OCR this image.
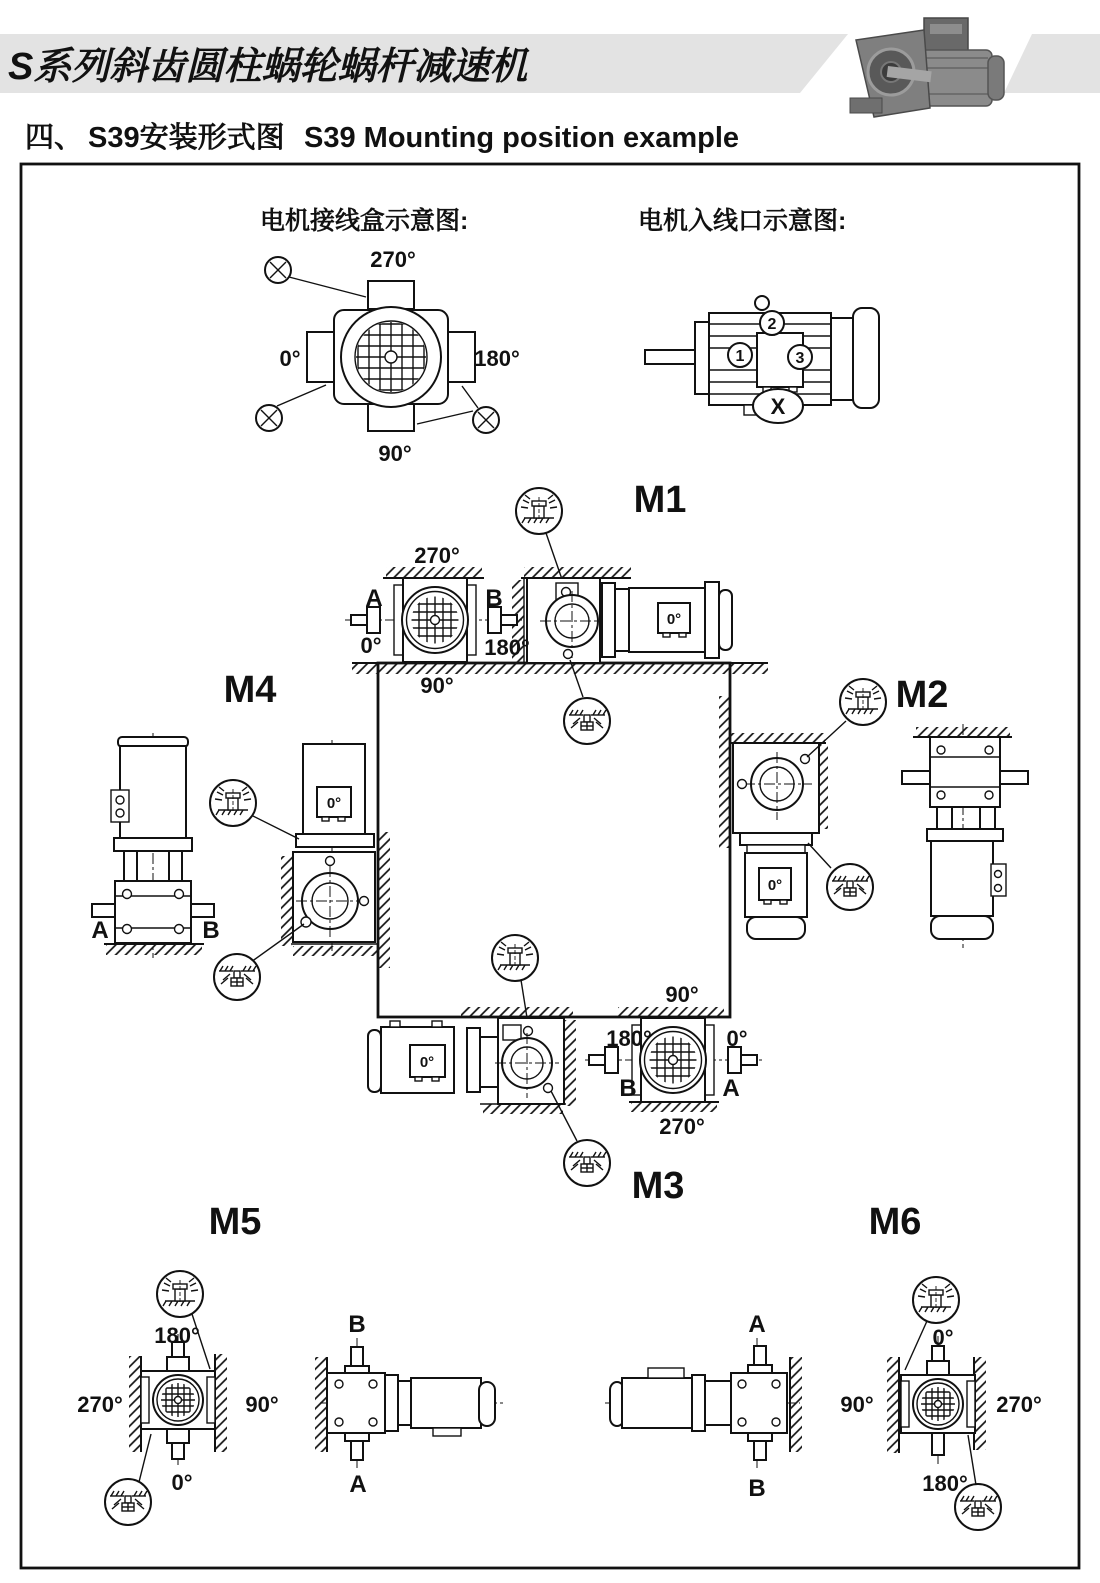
S系列斜齿圆柱蜗轮蜗杆减速机
四、 S39安装形式图 S39 Mounting position example
电机接线盒示意图:
270°
0°	180°
90°
电机入线口示意图:
1
2
3
X
0°
M1
270°
A	B
0°	180°
90°
0°
M2
0°
M3
90°
180°	0°
B	A
270°
M4
A	B
0°
M5
180°
270°	90°
0°
B
A
M6
A
B
0°
90°	270°
180°
